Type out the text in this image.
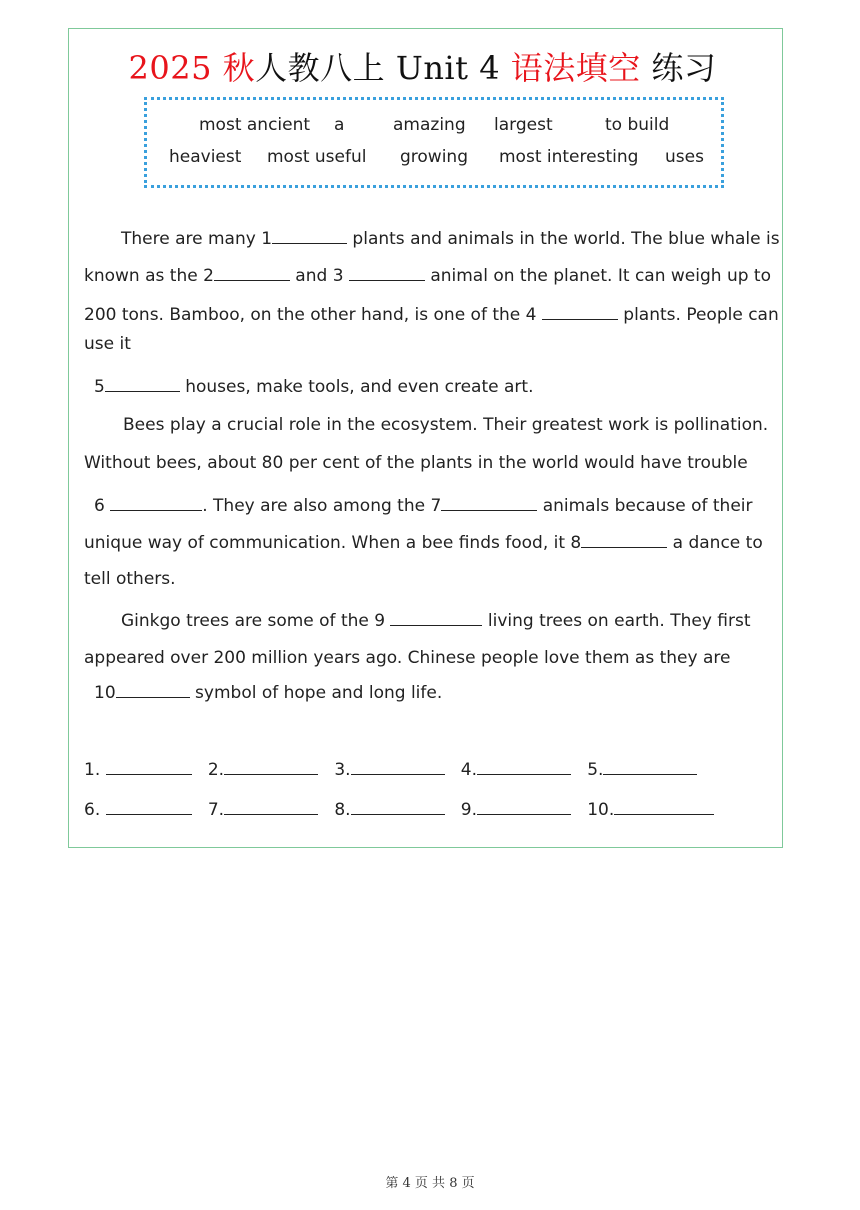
2025 秋人教八上 Unit 4 语法填空 练习
most ancient a	amazing largest	to build
heaviest most useful growing most interesting uses
There are many 1	plants and animals in the world. The blue whale is
known as the 2	and 3	animal on the planet. It can weigh up to
200 tons. Bamboo, on the other hand, is one of the 4	plants. People can
use it
5	houses, make tools, and even create art.
Bees play a crucial role in the ecosystem. Their greatest work is pollination.
Without bees, about 80 per cent of the plants in the world would have trouble
6	. They are also among the 7	animals because of their
unique way of communication. When a bee finds food, it 8	a dance to
tell others.
Ginkgo trees are some of the 9	living trees on earth. They first
appeared over 200 million years ago. Chinese people love them as they are
10	symbol of hope and long life.
1.	2.	3.	4.	5.
6.	7.	8.	9.	10.
第 4 页 共 8 页
